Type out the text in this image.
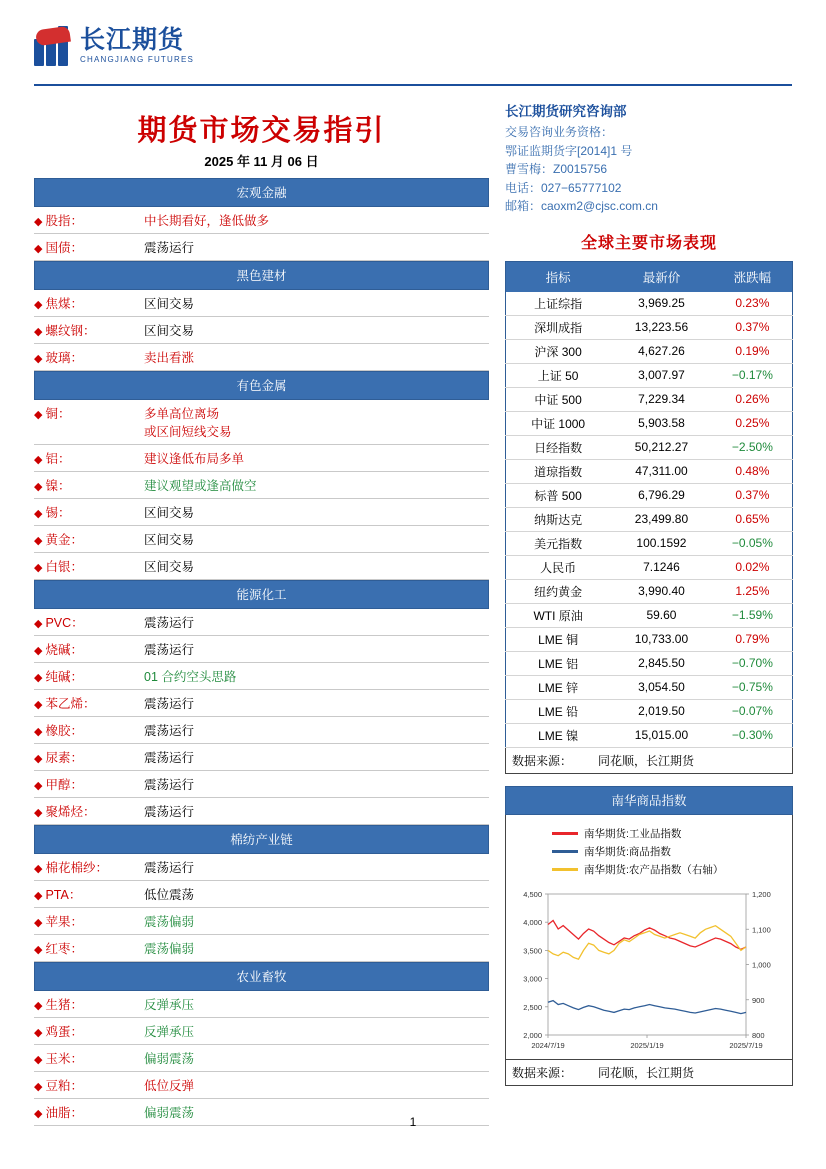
长江期货
CHANGJIANG FUTURES
期货市场交易指引
2025 年 11 月 06 日
宏观金融
◆ 股指：	中长期看好，逢低做多
◆ 国债：	震荡运行
黑色建材
◆ 焦煤：	区间交易
◆ 螺纹钢：	区间交易
◆ 玻璃：	卖出看涨
有色金属
◆ 铜：	多单高位离场
或区间短线交易

◆ 铝：	建议逢低布局多单
◆ 镍：	建议观望或逢高做空
◆ 锡：	区间交易
◆ 黄金：	区间交易
◆ 白银：	区间交易
能源化工
◆ PVC：	震荡运行
◆ 烧碱：	震荡运行
◆ 纯碱：	01 合约空头思路
◆ 苯乙烯：	震荡运行
◆ 橡胶：	震荡运行
◆ 尿素：	震荡运行
◆ 甲醇：	震荡运行
◆ 聚烯烃：	震荡运行
棉纺产业链
◆ 棉花棉纱：	震荡运行
◆ PTA：	低位震荡
◆ 苹果：	震荡偏弱
◆ 红枣：	震荡偏弱
农业畜牧
◆ 生猪：	反弹承压
◆ 鸡蛋：	反弹承压
◆ 玉米：	偏弱震荡
◆ 豆粕：	低位反弹
◆ 油脂：	偏弱震荡
长江期货研究咨询部
交易咨询业务资格：
鄂证监期货字[2014]1 号
曹雪梅：Z0015756
电话：027−65777102
邮箱：caoxm2@cjsc.com.cn
全球主要市场表现
指标	最新价	涨跌幅
上证综指	3,969.25	0.23%
深圳成指	13,223.56	0.37%
沪深 300	4,627.26	0.19%
上证 50	3,007.97	−0.17%
中证 500	7,229.34	0.26%
中证 1000	5,903.58	0.25%
日经指数	50,212.27	−2.50%
道琼指数	47,311.00	0.48%
标普 500	6,796.29	0.37%
纳斯达克	23,499.80	0.65%
美元指数	100.1592	−0.05%
人民币	7.1246	0.02%
纽约黄金	3,990.40	1.25%
WTI 原油	59.60	−1.59%
LME 铜	10,733.00	0.79%
LME 铝	2,845.50	−0.70%
LME 锌	3,054.50	−0.75%
LME 铅	2,019.50	−0.07%
LME 镍	15,015.00	−0.30%
数据来源： 同花顺，长江期货
南华商品指数
南华期货:工业品指数
南华期货:商品指数
南华期货:农产品指数（右轴）
4,500
4,000
3,500
3,000
2,500
2,000
1,200
1,100
1,000
900
800
2024/7/19	2025/1/19	2025/7/19
数据来源： 同花顺，长江期货
1
